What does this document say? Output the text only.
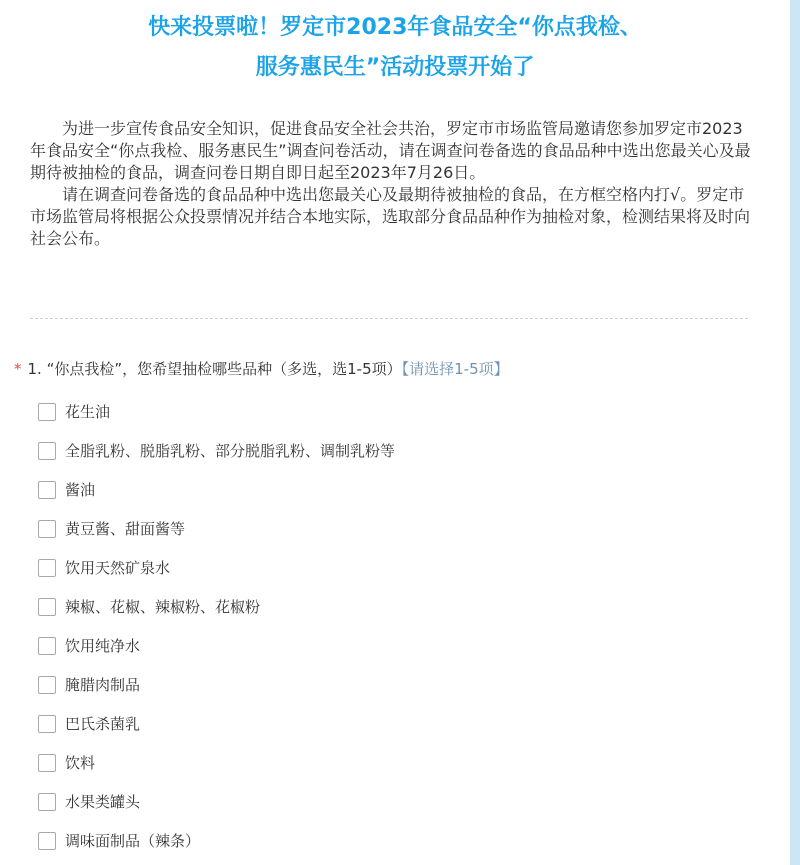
快来投票啦！罗定市2023年食品安全“你点我检、
服务惠民生”活动投票开始了

为进一步宣传食品安全知识，促进食品安全社会共治，罗定市市场监管局邀请您参加罗定市2023年食品安全“你点我检、服务惠民生”调查问卷活动，请在调查问卷备选的食品品种中选出您最关心及最期待被抽检的食品，调查问卷日期自即日起至2023年7月26日。

请在调查问卷备选的食品品种中选出您最关心及最期待被抽检的食品，在方框空格内打√。罗定市市场监管局将根据公众投票情况并结合本地实际，选取部分食品品种作为抽检对象，检测结果将及时向社会公布。

* 1. “你点我检”，您希望抽检哪些品种（多选，选1-5项）【请选择1-5项】
花生油
全脂乳粉、脱脂乳粉、部分脱脂乳粉、调制乳粉等
酱油
黄豆酱、甜面酱等
饮用天然矿泉水
辣椒、花椒、辣椒粉、花椒粉
饮用纯净水
腌腊肉制品
巴氏杀菌乳
饮料
水果类罐头
调味面制品（辣条）
